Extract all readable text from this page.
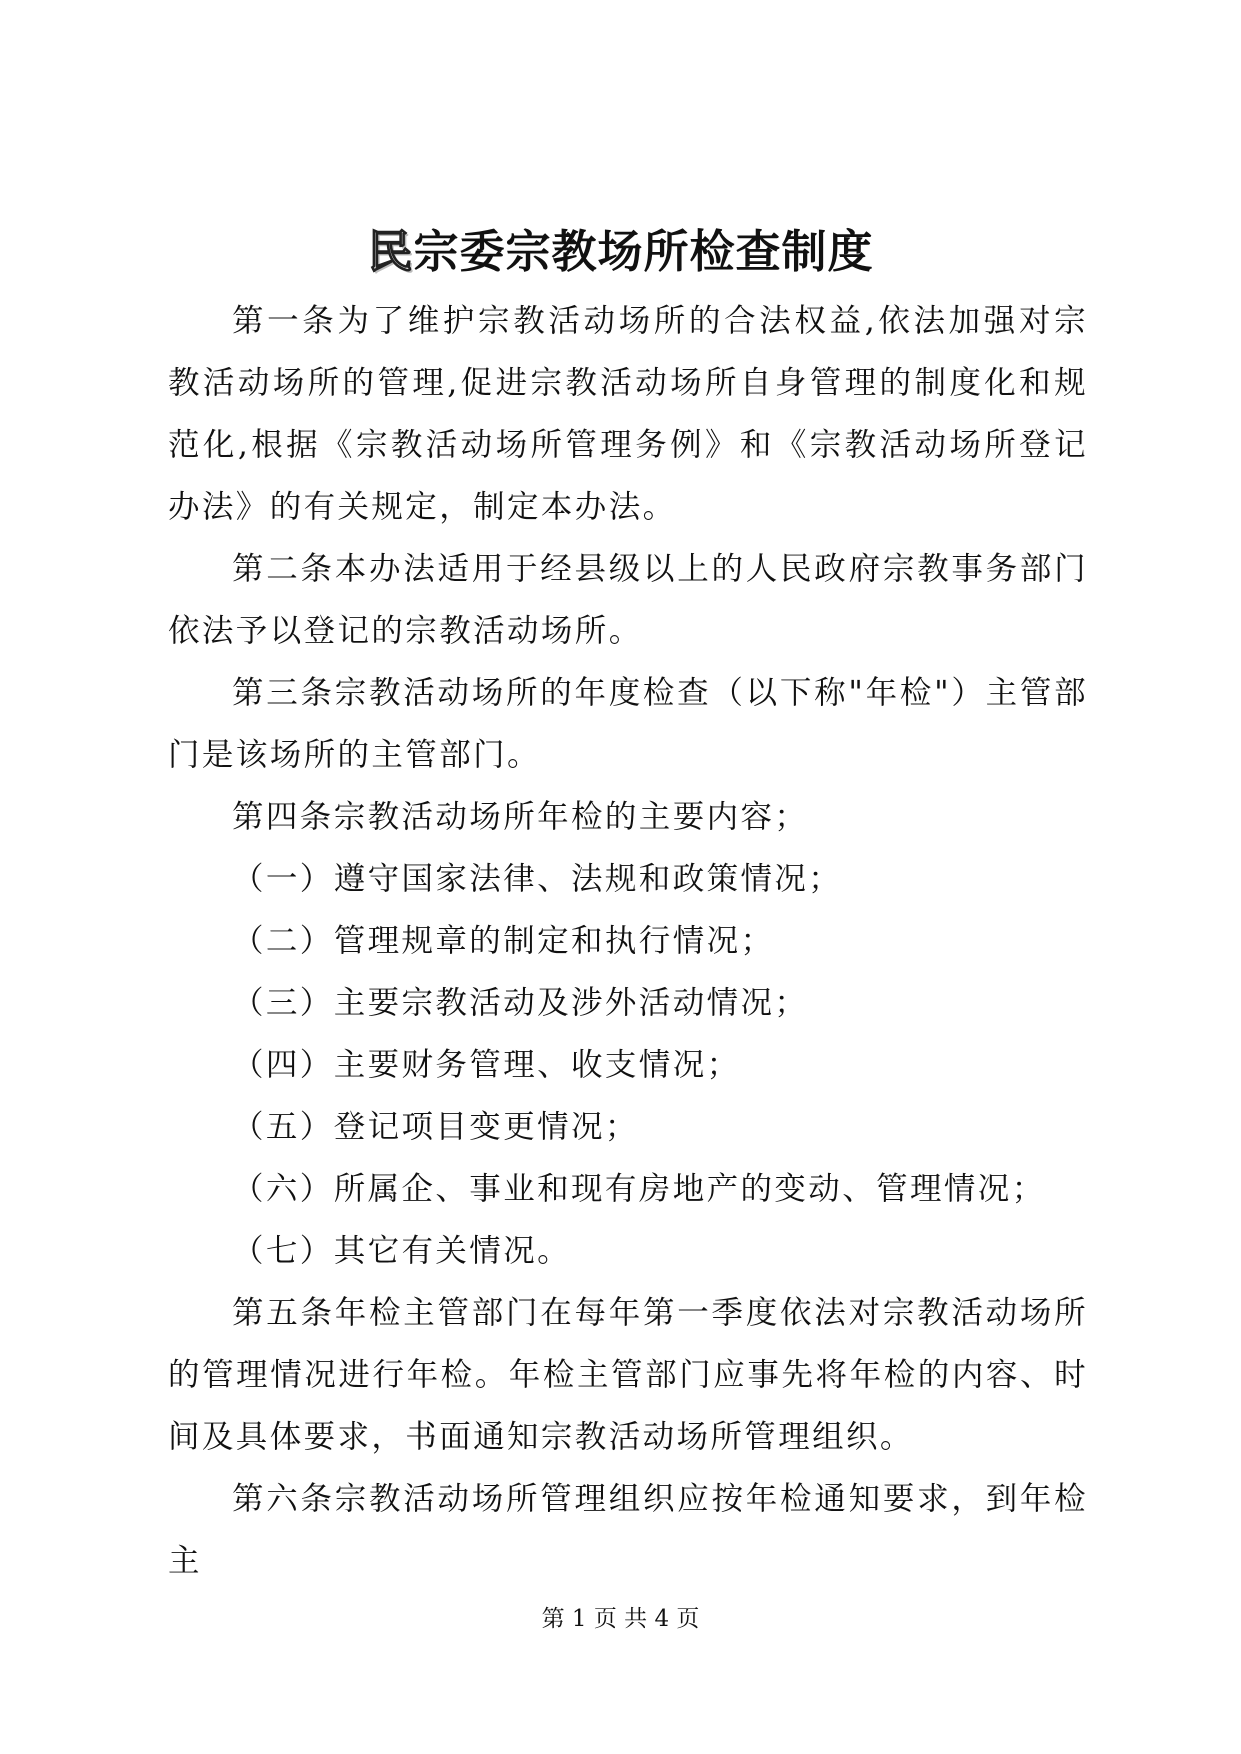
民宗委宗教场所检查制度

第一条为了维护宗教活动场所的合法权益,依法加强对宗教活动场所的管理,促进宗教活动场所自身管理的制度化和规范化,根据《宗教活动场所管理务例》和《宗教活动场所登记办法》的有关规定，制定本办法。

第二条本办法适用于经县级以上的人民政府宗教事务部门依法予以登记的宗教活动场所。

第三条宗教活动场所的年度检查（以下称"年检"）主管部门是该场所的主管部门。

第四条宗教活动场所年检的主要内容；

（一）遵守国家法律、法规和政策情况；

（二）管理规章的制定和执行情况；

（三）主要宗教活动及涉外活动情况；

（四）主要财务管理、收支情况；

（五）登记项目变更情况；

（六）所属企、事业和现有房地产的变动、管理情况；

（七）其它有关情况。

第五条年检主管部门在每年第一季度依法对宗教活动场所的管理情况进行年检。年检主管部门应事先将年检的内容、时间及具体要求，书面通知宗教活动场所管理组织。

第六条宗教活动场所管理组织应按年检通知要求，到年检主

第 1 页 共 4 页
